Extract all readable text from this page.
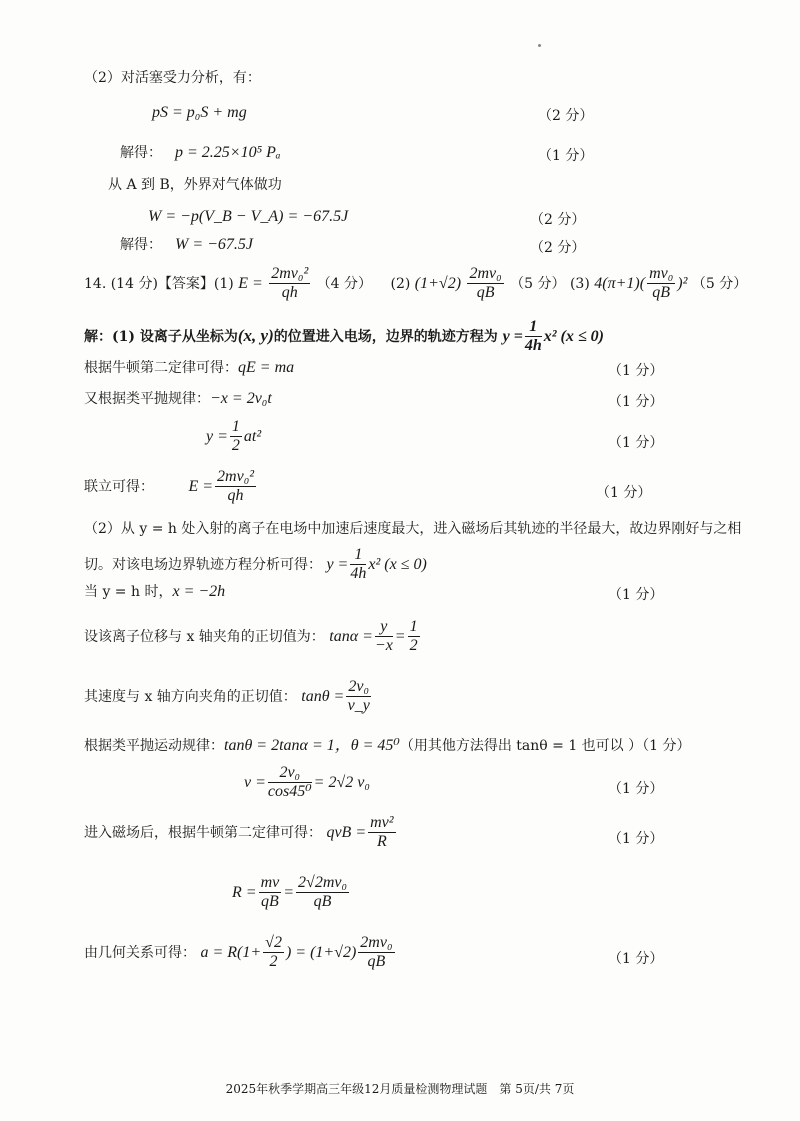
（2）对活塞受力分析，有：
pS = p₀S + mg	（2 分）
解得： p = 2.25×10⁵ Pₐ	（1 分）
从 A 到 B，外界对气体做功
W = −p(V_B − V_A) = −67.5J	（2 分）
解得： W = −67.5J	（2 分）
14. (14 分)【答案】(1) $E = \frac{\text{2mv₀²}}{qh} (4$ 分） (2) $(1+√2) \frac{\text{2mv₀}}{qB} (5$ 分） (3) $4(\pi+1)( \frac{\text{mv₀}}{qB} )^2$ （5 分）
解：(1) 设离子从坐标为(x, y)的位置进入电场，边界的轨迹方程为 $y = \frac{1}{4h} x^2$ (x ≤ 0)
根据牛顿第二定律可得：qE = ma	（1 分）
又根据类平抛规律：−x = 2v₀t	（1 分）
$y = \frac{1}{2} at^2$	（1 分）
联立可得： $E = \frac{\text{2mv₀²}}{qh}$	（1 分）
（2）从 y = h 处入射的离子在电场中加速后速度最大，进入磁场后其轨迹的半径最大，故边界刚好与之相
切。对该电场边界轨迹方程分析可得： $y = \frac{1}{4h} x^2$ (x ≤ 0)
当 y = h 时，x = −2h	（1 分）
设该离子位移与 x 轴夹角的正切值为： $\tan\alpha = \frac{y}{-x} = \frac{1}{2}$
其速度与 x 轴方向夹角的正切值： $\tan\theta = \frac{\text{2v₀}}{v\_y}$
根据类平抛运动规律：tanθ = 2tanα = 1，θ = 45⁰（用其他方法得出 tanθ = 1 也可以 ）（1 分）
$v = \frac{\text{2v₀}}{\text{cos45⁰}} = 2√2$ v₀	（1 分）
进入磁场后，根据牛顿第二定律可得： qvB = $\frac{\text{mv²}}{R}$	（1 分）
$R = \frac{mv}{qB} = \frac{\text{2√2mv₀}}{qB}$
由几何关系可得： $a = R(1+ \frac{√2}{2}$ ) = $(1+√2) \frac{\text{2mv₀}}{qB}$	（1 分）
2025年秋季学期高三年级12月质量检测物理试题　第 5页/共 7页
